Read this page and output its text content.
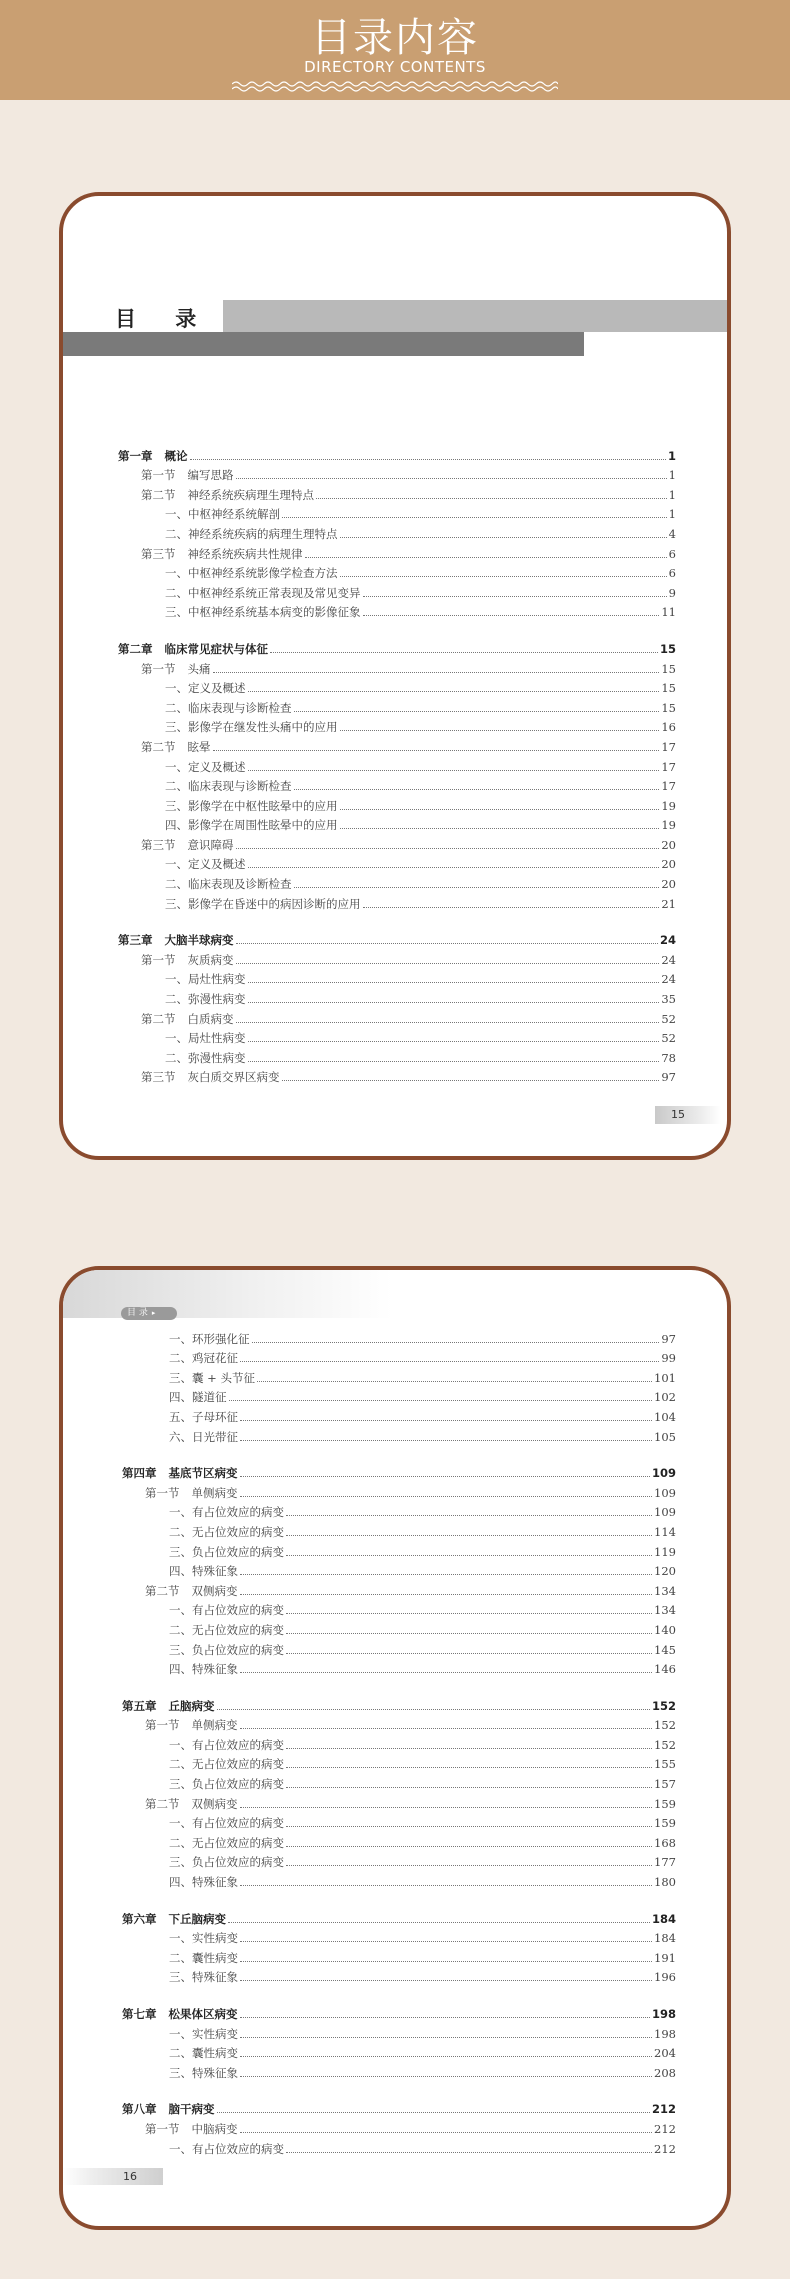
目录内容
DIRECTORY CONTENTS
目 录
第一章 概论	1
第一节 编写思路	1
第二节 神经系统疾病理生理特点	1
一、中枢神经系统解剖	1
二、神经系统疾病的病理生理特点	4
第三节 神经系统疾病共性规律	6
一、中枢神经系统影像学检查方法	6
二、中枢神经系统正常表现及常见变异	9
三、中枢神经系统基本病变的影像征象	11
第二章 临床常见症状与体征	15
第一节 头痛	15
一、定义及概述	15
二、临床表现与诊断检查	15
三、影像学在继发性头痛中的应用	16
第二节 眩晕	17
一、定义及概述	17
二、临床表现与诊断检查	17
三、影像学在中枢性眩晕中的应用	19
四、影像学在周围性眩晕中的应用	19
第三节 意识障碍	20
一、定义及概述	20
二、临床表现及诊断检查	20
三、影像学在昏迷中的病因诊断的应用	21
第三章 大脑半球病变	24
第一节 灰质病变	24
一、局灶性病变	24
二、弥漫性病变	35
第二节 白质病变	52
一、局灶性病变	52
二、弥漫性病变	78
第三节 灰白质交界区病变	97
15
目 录 ▸
一、环形强化征	97
二、鸡冠花征	99
三、囊 + 头节征	101
四、隧道征	102
五、子母环征	104
六、日光带征	105
第四章 基底节区病变	109
第一节 单侧病变	109
一、有占位效应的病变	109
二、无占位效应的病变	114
三、负占位效应的病变	119
四、特殊征象	120
第二节 双侧病变	134
一、有占位效应的病变	134
二、无占位效应的病变	140
三、负占位效应的病变	145
四、特殊征象	146
第五章 丘脑病变	152
第一节 单侧病变	152
一、有占位效应的病变	152
二、无占位效应的病变	155
三、负占位效应的病变	157
第二节 双侧病变	159
一、有占位效应的病变	159
二、无占位效应的病变	168
三、负占位效应的病变	177
四、特殊征象	180
第六章 下丘脑病变	184
一、实性病变	184
二、囊性病变	191
三、特殊征象	196
第七章 松果体区病变	198
一、实性病变	198
二、囊性病变	204
三、特殊征象	208
第八章 脑干病变	212
第一节 中脑病变	212
一、有占位效应的病变	212
16
